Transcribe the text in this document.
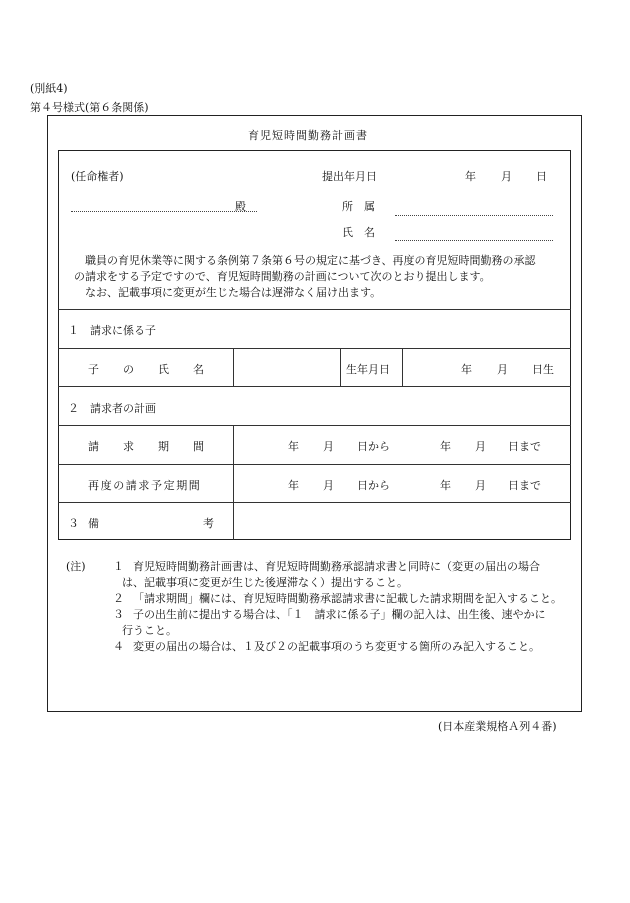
(別紙4)
第４号様式(第６条関係)
育児短時間勤務計画書
(任命権者)	提出年月日	年 月 日
殿	所　属
氏　名
職員の育児休業等に関する条例第７条第６号の規定に基づき、再度の育児短時間勤務の承認
の請求をする予定ですので、育児短時間勤務の計画について次のとおり提出します。
なお、記載事項に変更が生じた場合は遅滞なく届け出ます。
１　請求に係る子
子の氏名	生年月日	年 月 日生
２　請求者の計画
請求期間	年 月 日から	年 月 日まで
再度の請求予定期間	年 月 日から	年 月 日まで
３ 備考
(注) １ 育児短時間勤務計画書は、育児短時間勤務承認請求書と同時に（変更の届出の場合
は、記載事項に変更が生じた後遅滞なく）提出すること。
２ 「請求期間」欄には、育児短時間勤務承認請求書に記載した請求期間を記入すること。
３ 子の出生前に提出する場合は、「１　請求に係る子」欄の記入は、出生後、速やかに
行うこと。
４ 変更の届出の場合は、１及び２の記載事項のうち変更する箇所のみ記入すること。
(日本産業規格Ａ列４番)
